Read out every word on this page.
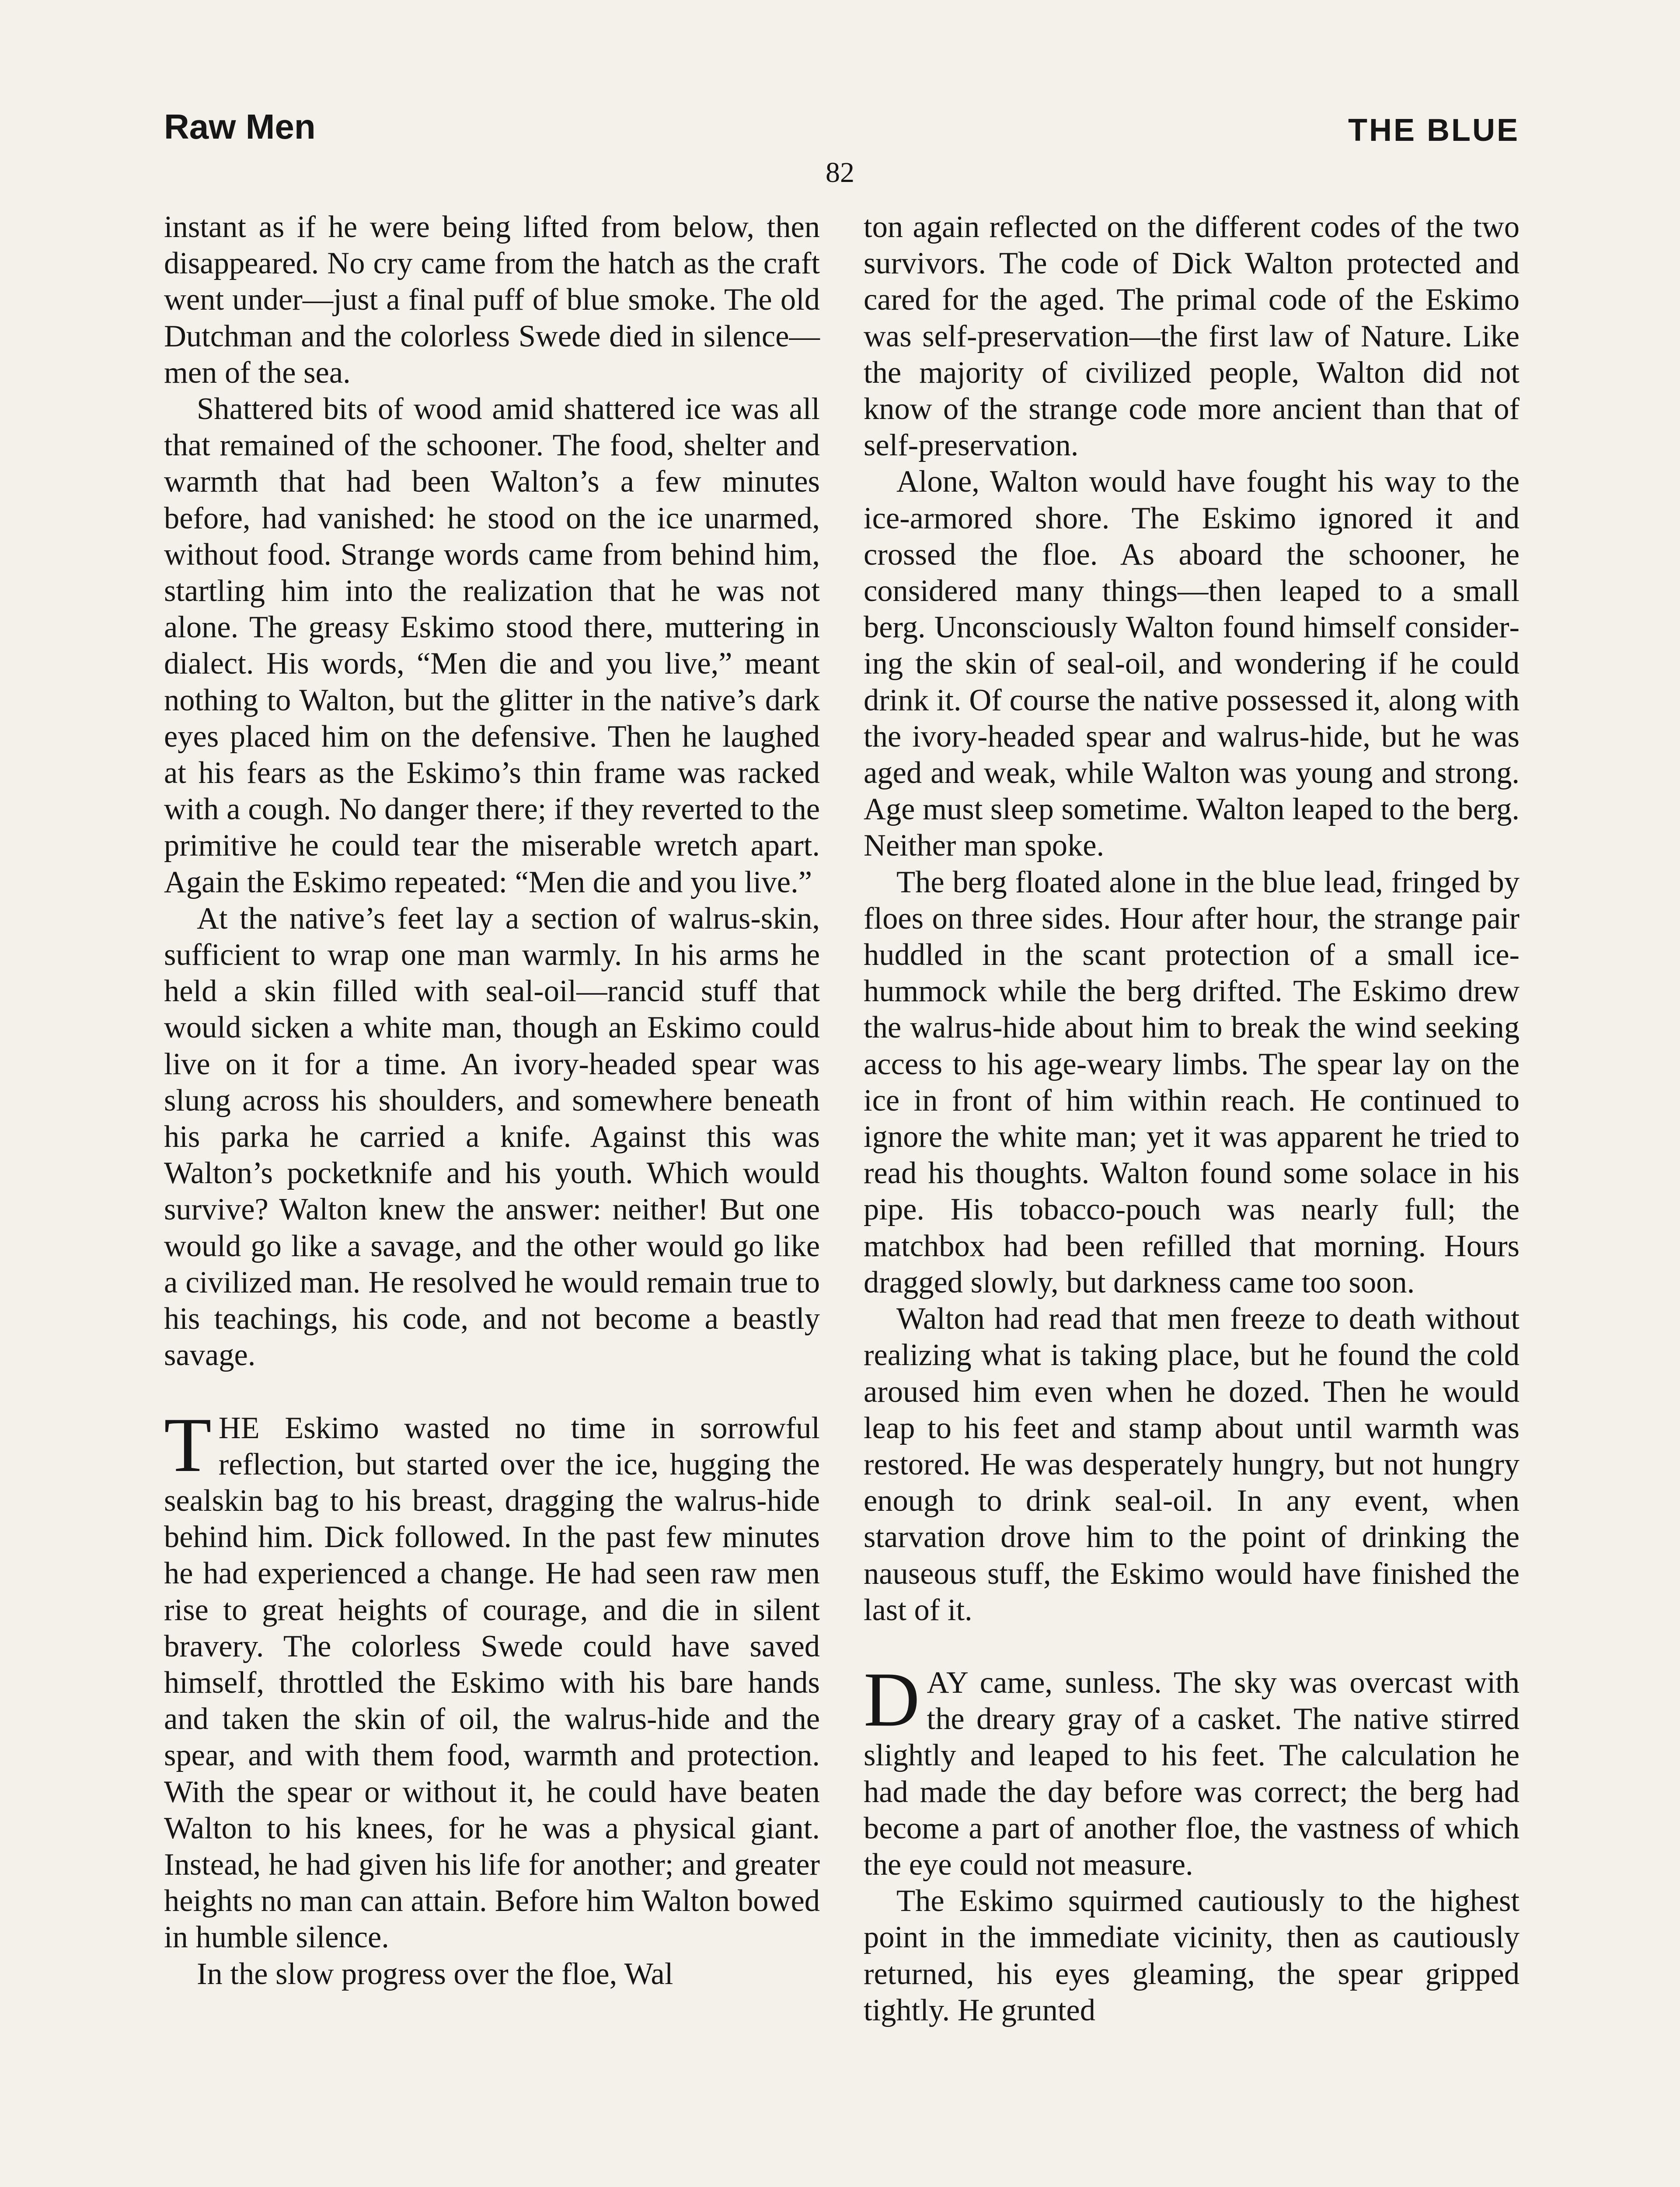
Raw Men	THE BLUE
82

instant as if he were being lifted from below, then disappeared. No cry came from the hatch as the craft went under—just a final puff of blue smoke. The old Dutchman and the colorless Swede died in silence—men of the sea.

Shattered bits of wood amid shattered ice was all that remained of the schooner. The food, shelter and warmth that had been Walton’s a few minutes before, had vanished: he stood on the ice unarmed, without food. Strange words came from behind him, startling him into the realization that he was not alone. The greasy Eskimo stood there, muttering in dialect. His words, “Men die and you live,” meant nothing to Walton, but the glitter in the native’s dark eyes placed him on the defensive. Then he laughed at his fears as the Eskimo’s thin frame was racked with a cough. No danger there; if they reverted to the primitive he could tear the miserable wretch apart. Again the Eskimo repeated: “Men die and you live.”

At the native’s feet lay a section of walrus-skin, sufficient to wrap one man warmly. In his arms he held a skin filled with seal-oil—rancid stuff that would sicken a white man, though an Eskimo could live on it for a time. An ivory-headed spear was slung across his shoulders, and somewhere beneath his parka he carried a knife. Against this was Walton’s pocketknife and his youth. Which would survive? Walton knew the answer: neither! But one would go like a savage, and the other would go like a civilized man. He resolved he would remain true to his teachings, his code, and not become a beastly savage.

THE Eskimo wasted no time in sorrowful reflection, but started over the ice, hugging the sealskin bag to his breast, dragging the walrus-hide behind him. Dick followed. In the past few minutes he had experienced a change. He had seen raw men rise to great heights of courage, and die in silent bravery. The colorless Swede could have saved himself, throttled the Eskimo with his bare hands and taken the skin of oil, the walrus-hide and the spear, and with them food, warmth and protection. With the spear or without it, he could have beaten Walton to his knees, for he was a physical giant. Instead, he had given his life for another; and greater heights no man can attain. Before him Walton bowed in humble silence.

In the slow progress over the floe, Wal

ton again reflected on the different codes of the two survivors. The code of Dick Walton protected and cared for the aged. The primal code of the Eskimo was self-preservation—the first law of Nature. Like the majority of civilized people, Walton did not know of the strange code more ancient than that of self-preservation.

Alone, Walton would have fought his way to the ice-armored shore. The Eskimo ignored it and crossed the floe. As aboard the schooner, he considered many things—then leaped to a small berg. Unconsciously Walton found himself considering the skin of seal-oil, and wondering if he could drink it. Of course the native possessed it, along with the ivory-headed spear and walrus-hide, but he was aged and weak, while Walton was young and strong. Age must sleep sometime. Walton leaped to the berg. Neither man spoke.

The berg floated alone in the blue lead, fringed by floes on three sides. Hour after hour, the strange pair huddled in the scant protection of a small ice-hummock while the berg drifted. The Eskimo drew the walrus-hide about him to break the wind seeking access to his age-weary limbs. The spear lay on the ice in front of him within reach. He continued to ignore the white man; yet it was apparent he tried to read his thoughts. Walton found some solace in his pipe. His tobacco-pouch was nearly full; the matchbox had been refilled that morning. Hours dragged slowly, but darkness came too soon.

Walton had read that men freeze to death without realizing what is taking place, but he found the cold aroused him even when he dozed. Then he would leap to his feet and stamp about until warmth was restored. He was desperately hungry, but not hungry enough to drink seal-oil. In any event, when starvation drove him to the point of drinking the nauseous stuff, the Eskimo would have finished the last of it.

DAY came, sunless. The sky was overcast with the dreary gray of a casket. The native stirred slightly and leaped to his feet. The calculation he had made the day before was correct; the berg had become a part of another floe, the vastness of which the eye could not measure.

The Eskimo squirmed cautiously to the highest point in the immediate vicinity, then as cautiously returned, his eyes gleaming, the spear gripped tightly. He grunted
